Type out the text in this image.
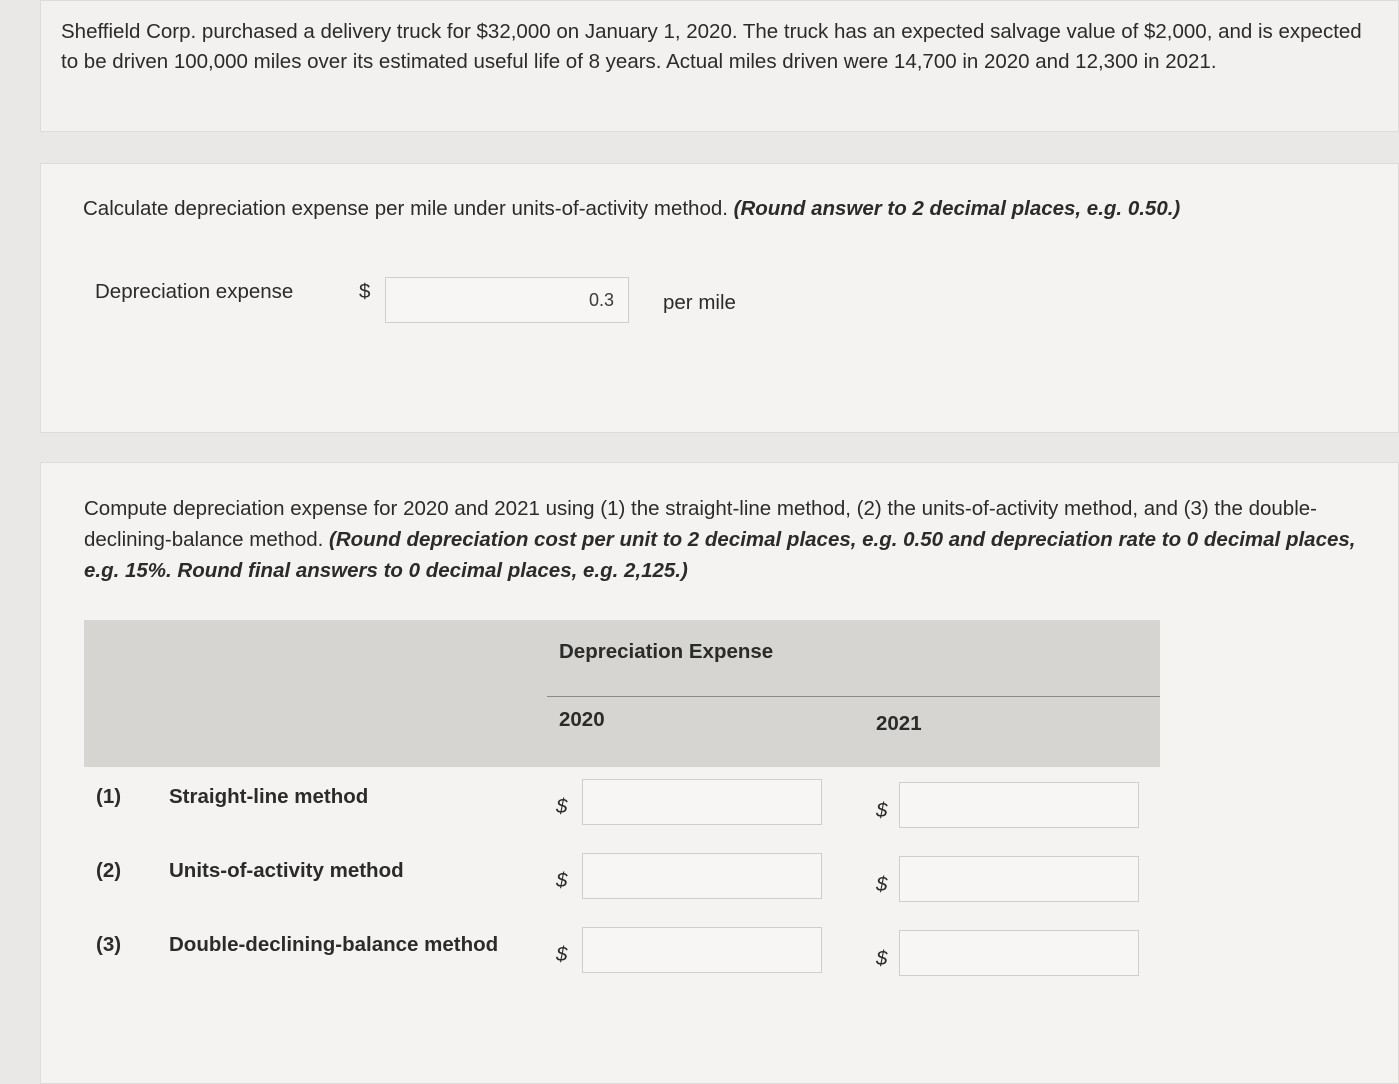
Sheffield Corp. purchased a delivery truck for $32,000 on January 1, 2020. The truck has an expected salvage value of $2,000, and is expected to be driven 100,000 miles over its estimated useful life of 8 years. Actual miles driven were 14,700 in 2020 and 12,300 in 2021.

Calculate depreciation expense per mile under units-of-activity method. (Round answer to 2 decimal places, e.g. 0.50.)

Depreciation expense	$
0.3	per mile

Compute depreciation expense for 2020 and 2021 using (1) the straight-line method, (2) the units-of-activity method, and (3) the double-declining-balance method. (Round depreciation cost per unit to 2 decimal places, e.g. 0.50 and depreciation rate to 0 decimal places, e.g. 15%. Round final answers to 0 decimal places, e.g. 2,125.)

Depreciation Expense
2020	2021
(1) Straight-line method	$	$
(2) Units-of-activity method	$	$
(3) Double-declining-balance method	$	$
